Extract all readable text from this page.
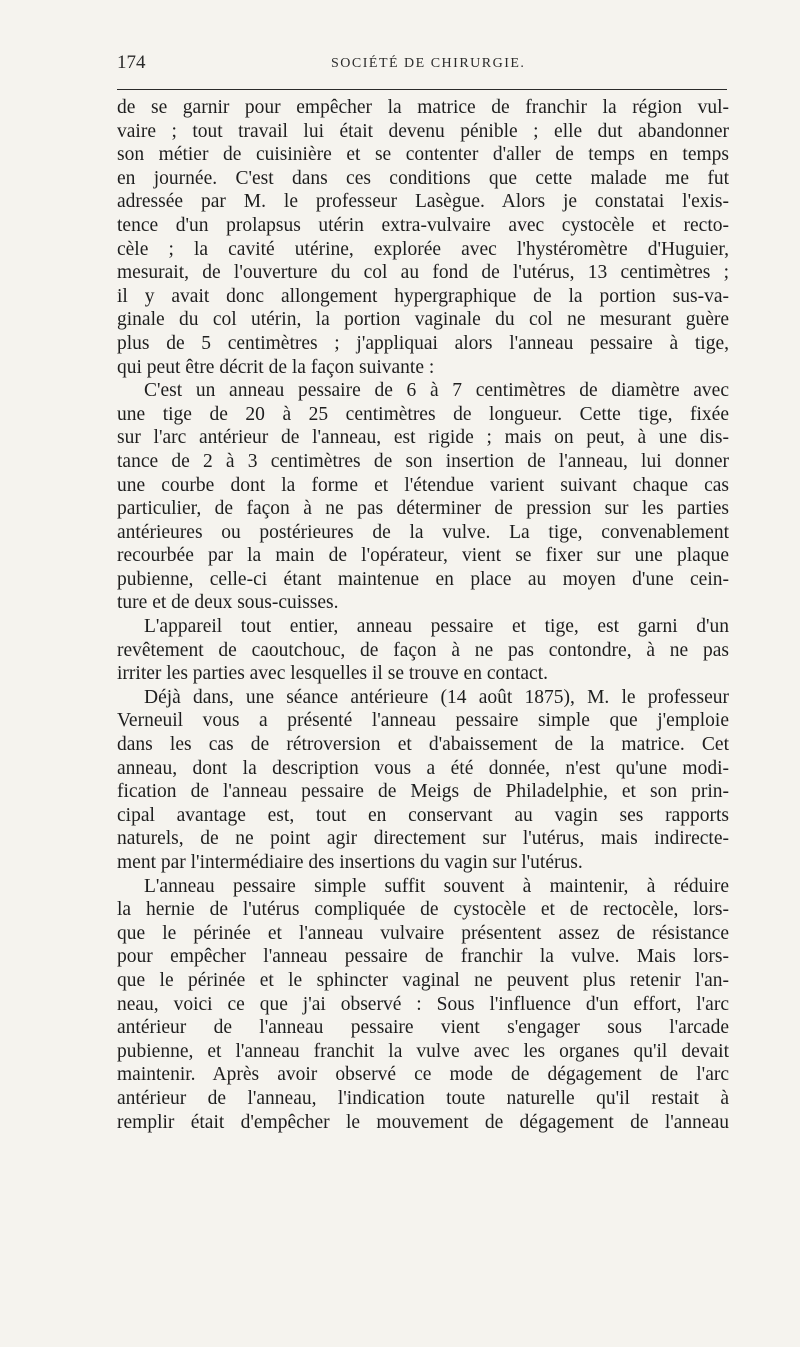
174	SOCIÉTÉ DE CHIRURGIE.
de se garnir pour empêcher la matrice de franchir la région vul-
vaire ; tout travail lui était devenu pénible ; elle dut abandonner
son métier de cuisinière et se contenter d'aller de temps en temps
en journée. C'est dans ces conditions que cette malade me fut
adressée par M. le professeur Lasègue. Alors je constatai l'exis-
tence d'un prolapsus utérin extra-vulvaire avec cystocèle et recto-
cèle ; la cavité utérine, explorée avec l'hystéromètre d'Huguier,
mesurait, de l'ouverture du col au fond de l'utérus, 13 centimètres ;
il y avait donc allongement hypergraphique de la portion sus-va-
ginale du col utérin, la portion vaginale du col ne mesurant guère
plus de 5 centimètres ; j'appliquai alors l'anneau pessaire à tige,
qui peut être décrit de la façon suivante :
C'est un anneau pessaire de 6 à 7 centimètres de diamètre avec
une tige de 20 à 25 centimètres de longueur. Cette tige, fixée
sur l'arc antérieur de l'anneau, est rigide ; mais on peut, à une dis-
tance de 2 à 3 centimètres de son insertion de l'anneau, lui donner
une courbe dont la forme et l'étendue varient suivant chaque cas
particulier, de façon à ne pas déterminer de pression sur les parties
antérieures ou postérieures de la vulve. La tige, convenablement
recourbée par la main de l'opérateur, vient se fixer sur une plaque
pubienne, celle-ci étant maintenue en place au moyen d'une cein-
ture et de deux sous-cuisses.
L'appareil tout entier, anneau pessaire et tige, est garni d'un
revêtement de caoutchouc, de façon à ne pas contondre, à ne pas
irriter les parties avec lesquelles il se trouve en contact.
Déjà dans, une séance antérieure (14 août 1875), M. le professeur
Verneuil vous a présenté l'anneau pessaire simple que j'emploie
dans les cas de rétroversion et d'abaissement de la matrice. Cet
anneau, dont la description vous a été donnée, n'est qu'une modi-
fication de l'anneau pessaire de Meigs de Philadelphie, et son prin-
cipal avantage est, tout en conservant au vagin ses rapports
naturels, de ne point agir directement sur l'utérus, mais indirecte-
ment par l'intermédiaire des insertions du vagin sur l'utérus.
L'anneau pessaire simple suffit souvent à maintenir, à réduire
la hernie de l'utérus compliquée de cystocèle et de rectocèle, lors-
que le périnée et l'anneau vulvaire présentent assez de résistance
pour empêcher l'anneau pessaire de franchir la vulve. Mais lors-
que le périnée et le sphincter vaginal ne peuvent plus retenir l'an-
neau, voici ce que j'ai observé : Sous l'influence d'un effort, l'arc
antérieur de l'anneau pessaire vient s'engager sous l'arcade
pubienne, et l'anneau franchit la vulve avec les organes qu'il devait
maintenir. Après avoir observé ce mode de dégagement de l'arc
antérieur de l'anneau, l'indication toute naturelle qu'il restait à
remplir était d'empêcher le mouvement de dégagement de l'anneau
